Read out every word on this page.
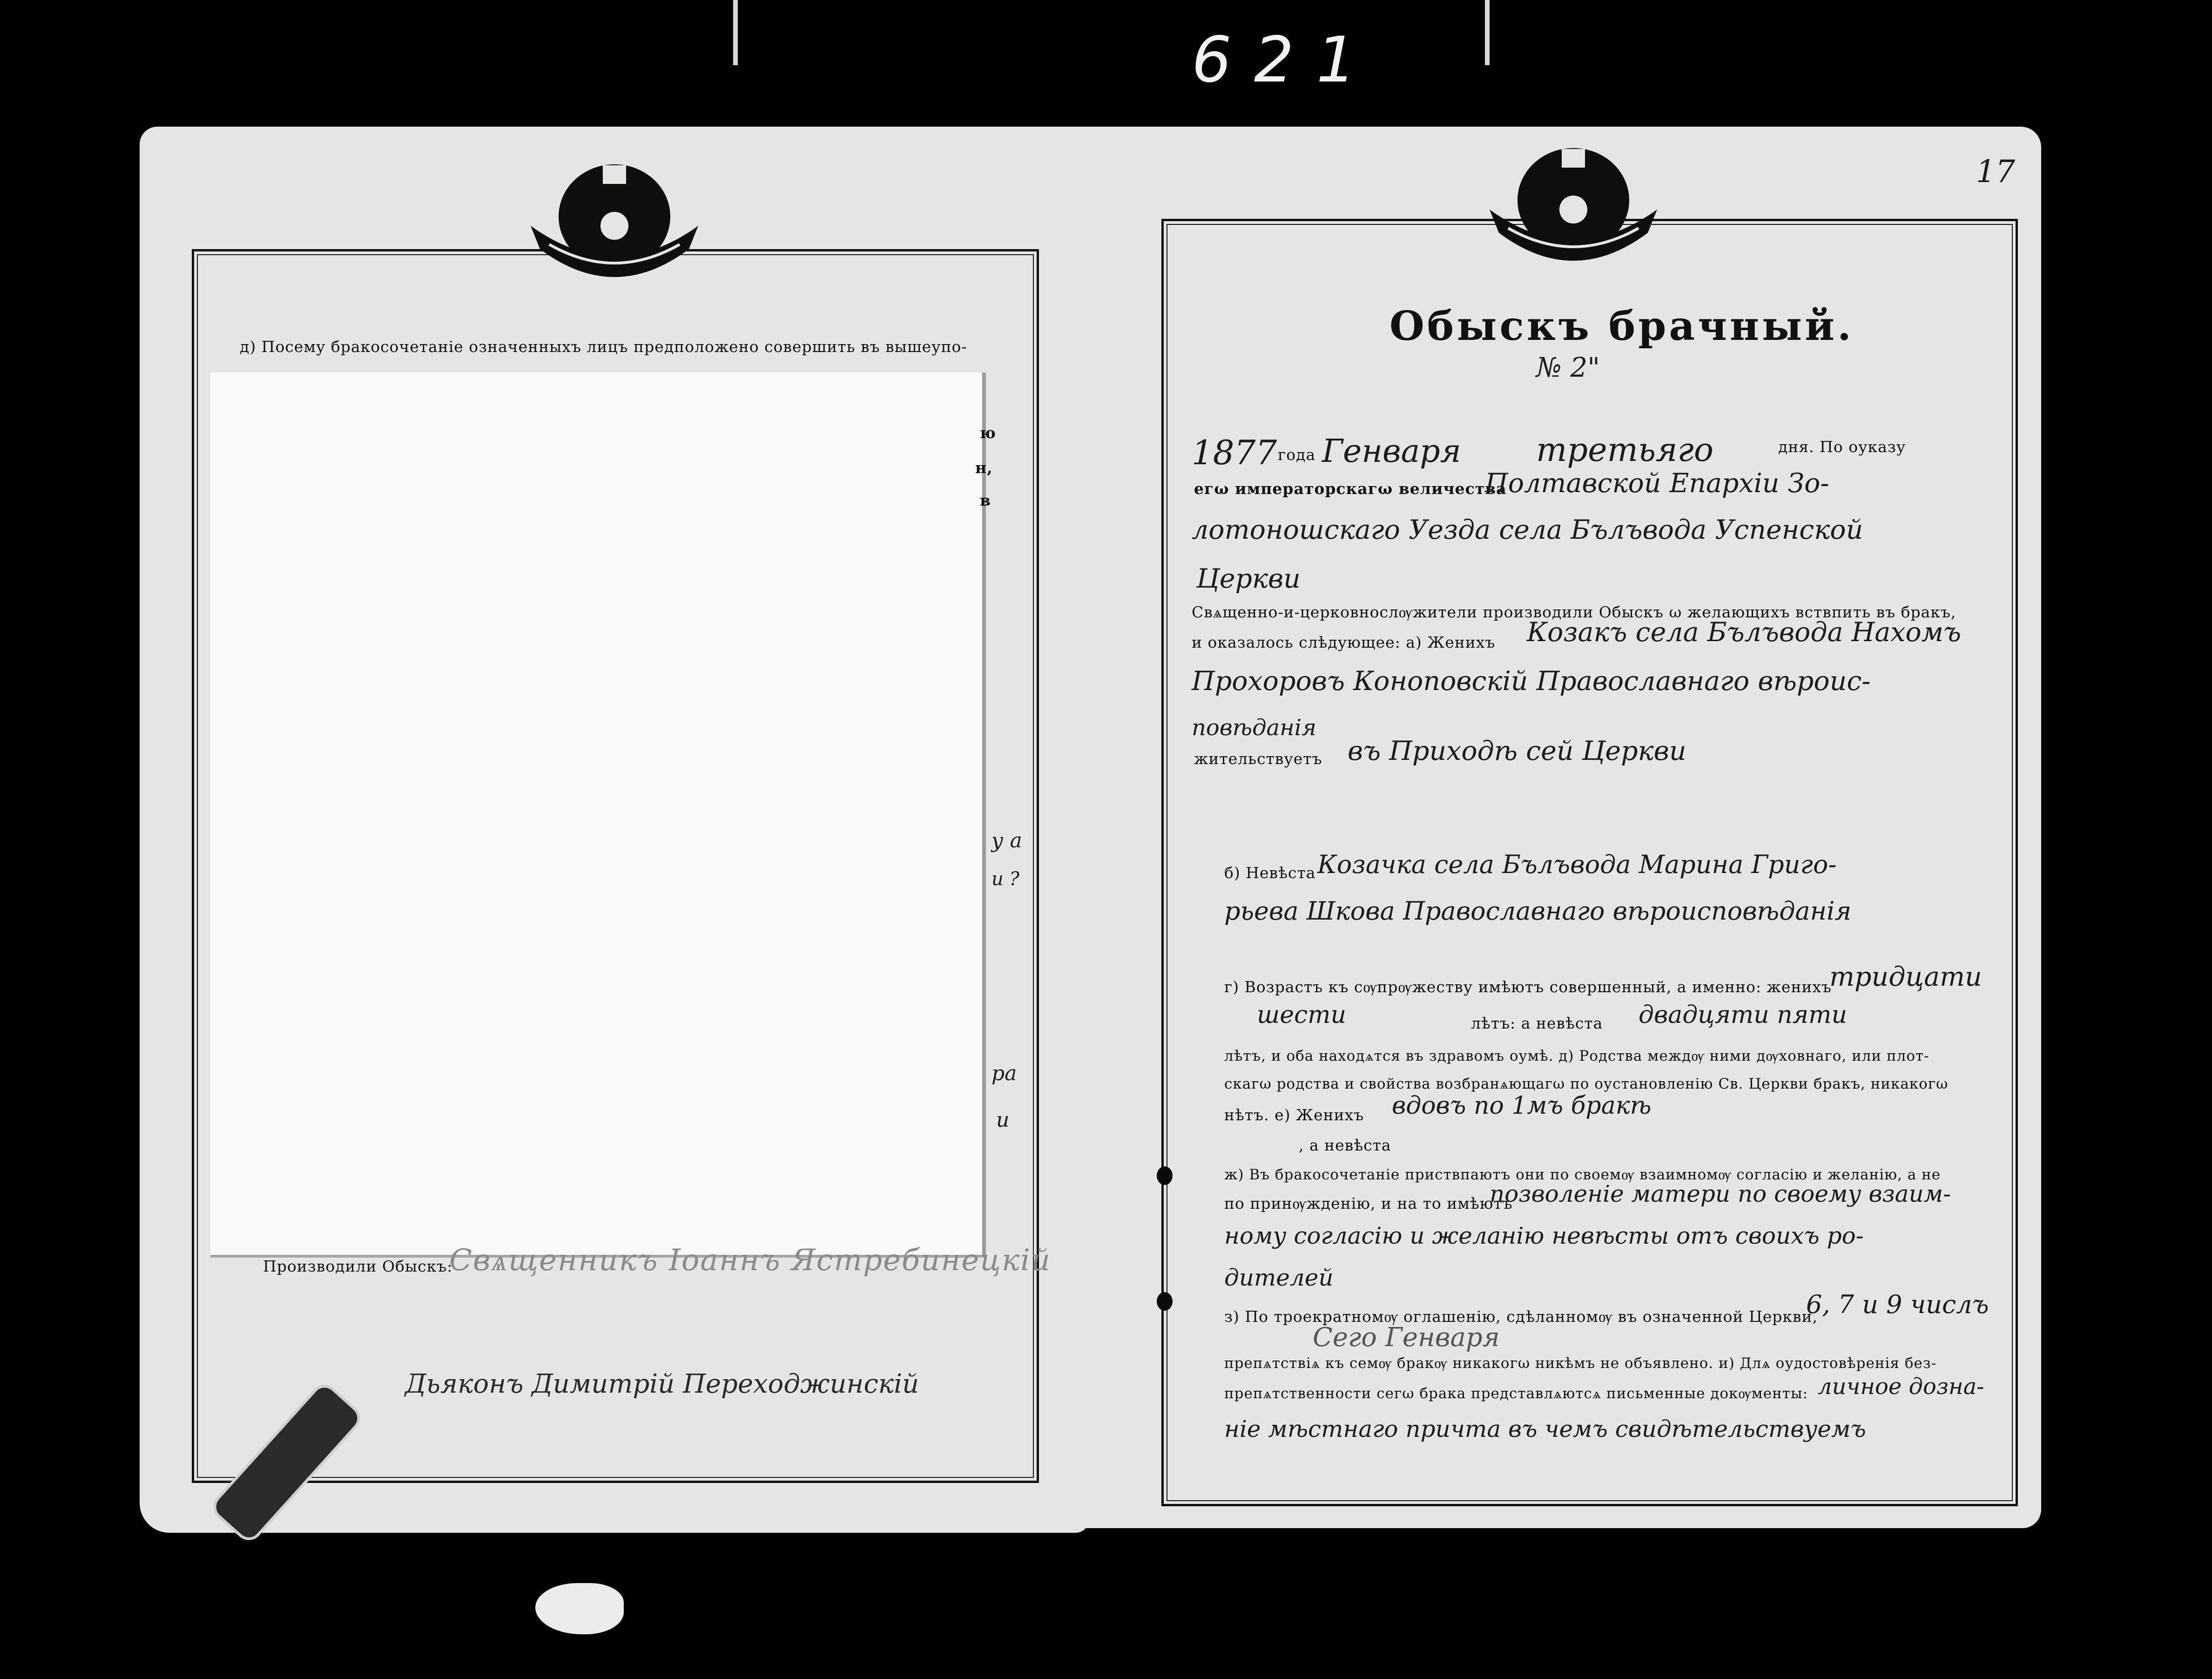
621
д) Посему бракосочетаніе означенныхъ лицъ предположено совершить въ вышеупо-
ю
н,
в
у а
и ?
ра
и
Производили Обыскъ:
Свѧщенникъ Іоаннъ Ястребинецкій
Дьяконъ Димитрій Переходжинскій
17
Обыскъ брачный.
№ 2"
1877 года Генваря третьяго	дня. По оуказу
егω императорскагω величества
Полтавской Епархіи Зо-
лотоношскаго Уезда села Бълъвода Успенской
Церкви
Свѧщенно-и-церковнослѹжители производили Обыскъ ω желающихъ вствпить въ бракъ,
и оказалось слѣдующее: а) Женихъ Козакъ села Бълъвода Нахомъ
Прохоровъ Коноповскій Православнаго вѣроис-
повѣданія
жительствуетъ въ Приходѣ сей Церкви
б) Невѣста Козачка села Бълъвода Марина Григо-
рьева Шкова Православнаго вѣроисповѣданія
г) Возрастъ къ сѹпрѹжеству имѣютъ совершенный, а именно: женихъ
тридцати
шести	лѣтъ: а невѣста двадцяти пяти
лѣтъ, и оба находѧтся въ здравомъ оумѣ. д) Родства междѹ ними дѹховнаго, или плот-
скагω родства и свойства возбранѧющагω по оустановленію Св. Церкви бракъ, никакогω
нѣтъ. е) Женихъ вдовъ по 1мъ бракѣ
, а невѣста
ж) Въ бракосочетаніе приствпаютъ они по своемѹ взаимномѹ согласію и желанію, а не
по принѹжденію, и на то имѣютъ
позволеніе матери по своему взаим-
ному согласію и желанію невѣсты отъ своихъ ро-
дителей
з) По троекратномѹ оглашенію, сдѣланномѹ въ означенной Церкви,
6, 7 и 9 числъ
Сего Генваря
препѧтствіѧ къ семѹ бракѹ никакогω никѣмъ не объявлено. и) Длѧ оудостовѣренія без-
препѧтственности сегω брака представлѧютсѧ письменные докѹменты: личное дозна-
ніе мѣстнаго причта въ чемъ свидѣтельствуемъ
